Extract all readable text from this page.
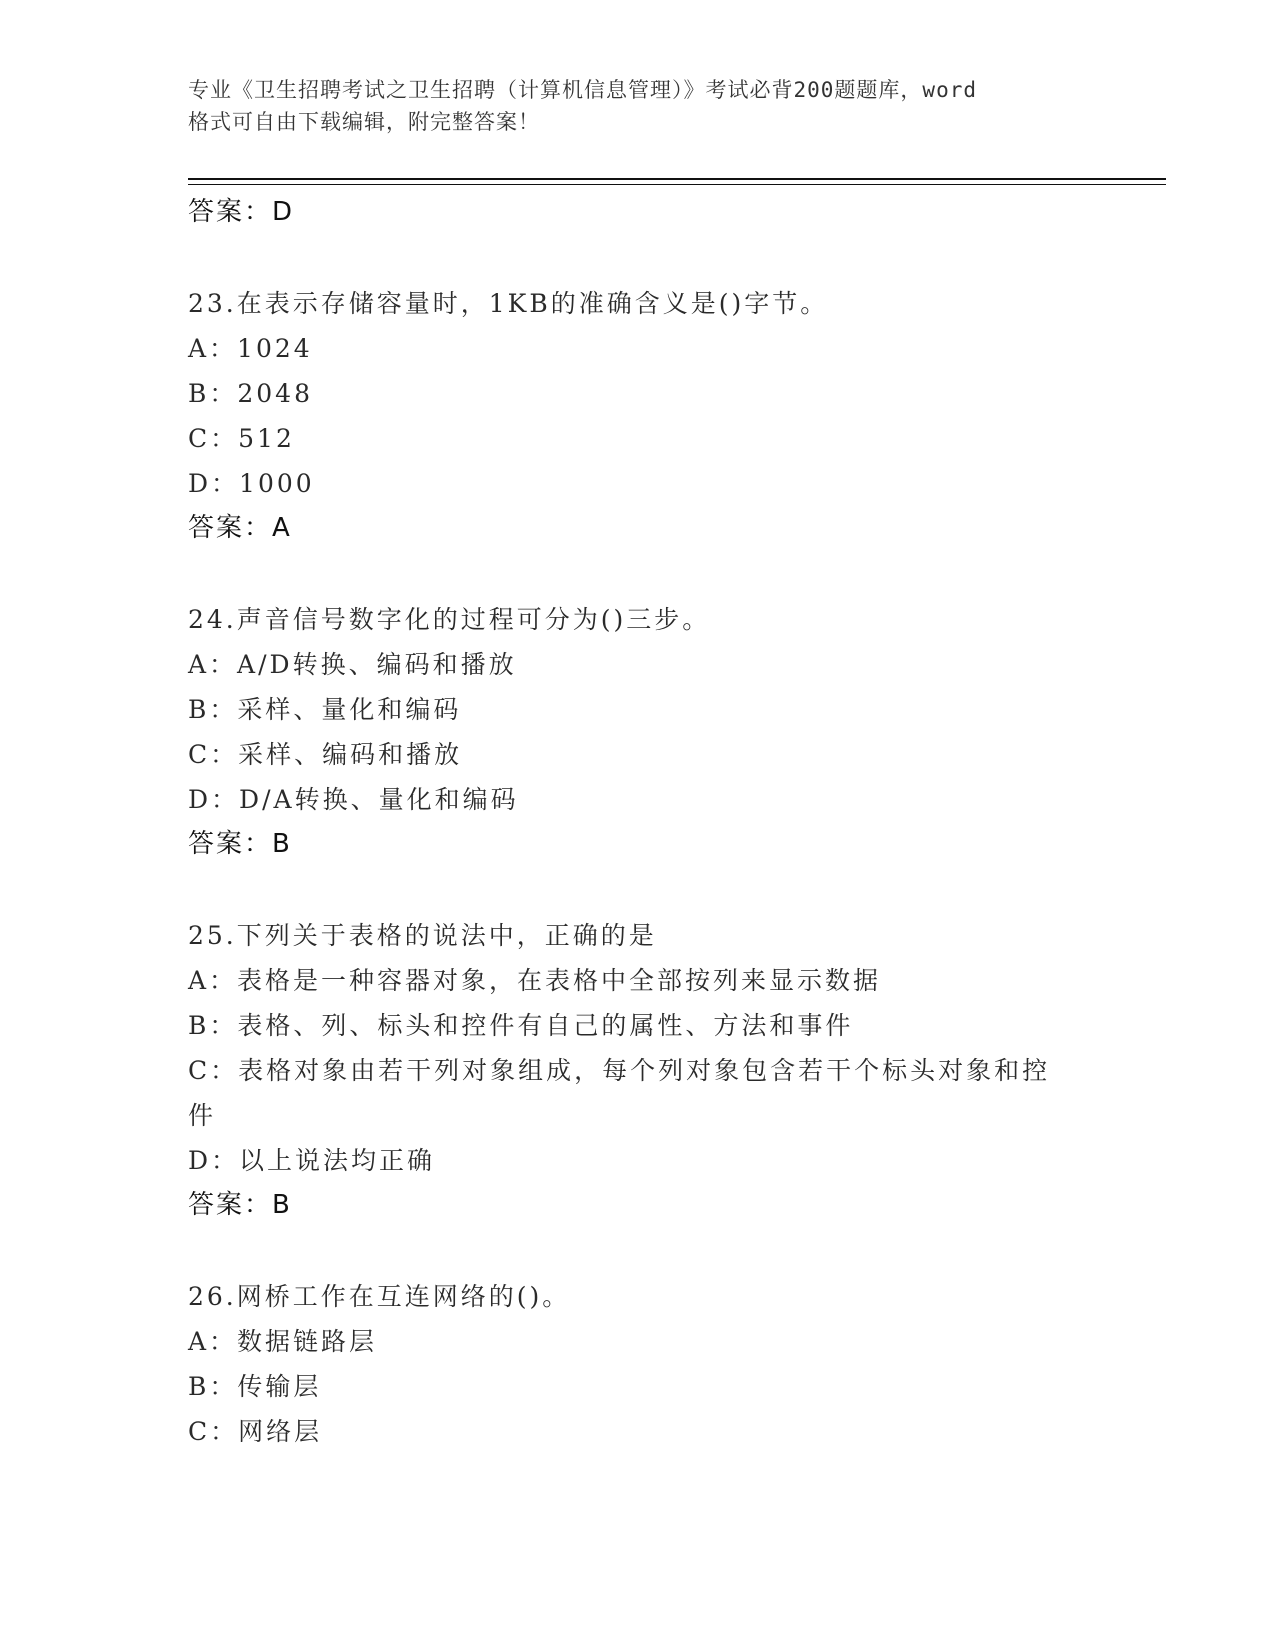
专业《卫生招聘考试之卫生招聘（计算机信息管理）》考试必背200题题库，word
格式可自由下载编辑，附完整答案！
答案：D
23.在表示存储容量时，1KB的准确含义是()字节。
A：1024
B：2048
C：512
D：1000
答案：A
24.声音信号数字化的过程可分为()三步。
A：A/D转换、编码和播放
B：采样、量化和编码
C：采样、编码和播放
D：D/A转换、量化和编码
答案：B
25.下列关于表格的说法中，正确的是
A：表格是一种容器对象，在表格中全部按列来显示数据
B：表格、列、标头和控件有自己的属性、方法和事件
C：表格对象由若干列对象组成，每个列对象包含若干个标头对象和控
件
D：以上说法均正确
答案：B
26.网桥工作在互连网络的()。
A：数据链路层
B：传输层
C：网络层
